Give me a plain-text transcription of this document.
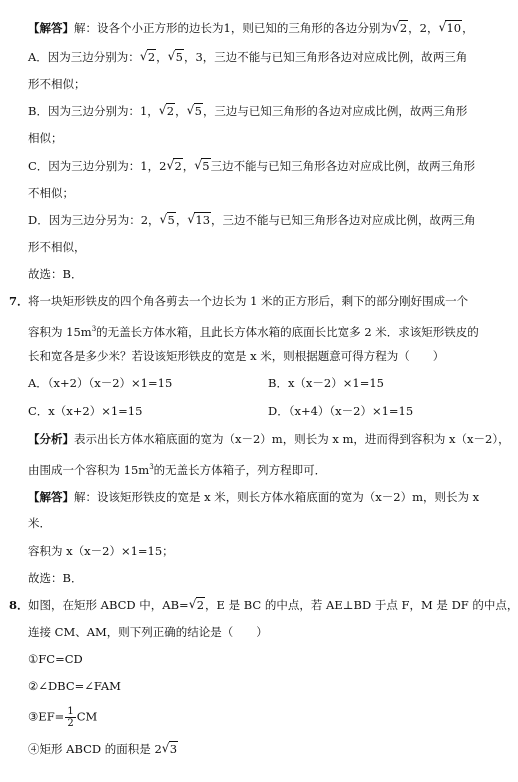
【解答】解：设各个小正方形的边长为1，则已知的三角形的各边分别为 √ 2，2， √ 10，
A．因为三边分别为： √ 2， √ 5，3，三边不能与已知三角形各边对应成比例，故两三角
形不相似；
B．因为三边分别为：1， √ 2， √ 5，三边与已知三角形的各边对应成比例，故两三角形
相似；
C．因为三边分别为：1，2 √ 2， √ 5三边不能与已知三角形各边对应成比例，故两三角形
不相似；
D．因为三边分另为：2， √ 5， √ 13，三边不能与已知三角形各边对应成比例，故两三角
形不相似，
故选：B．
7． 将一块矩形铁皮的四个角各剪去一个边长为 1 米的正方形后，剩下的部分刚好围成一个
容积为 $15m^3$的无盖长方体水箱，且此长方体水箱的底面长比宽多 2 米．求该矩形铁皮的
长和宽各是多少米？若设该矩形铁皮的宽是 x 米，则根据题意可得方程为（　　）
A．（x+2）（x－2）×1=15	B．x（x－2）×1=15
C．x（x+2）×1=15	D．（x+4）（x－2）×1=15
【分析】表示出长方体水箱底面的宽为（x－2）m，则长为 x m，进而得到容积为 x（x－2），
由围成一个容积为 $15m^3$的无盖长方体箱子，列方程即可．
【解答】解：设该矩形铁皮的宽是 x 米，则长方体水箱底面的宽为（x－2）m，则长为 x
米．
容积为 x（x－2）×1=15；
故选：B．
8． 如图，在矩形 ABCD 中，AB= √ 2，E 是 BC 的中点，若 AE⊥BD 于点 F，M 是 DF 的中点，
连接 CM、AM，则下列正确的结论是（　　）
①FC=CD
②∠DBC=∠FAM
③EF= $\frac{1}{2}$ CM
④矩形 ABCD 的面积是 2 √ 3
